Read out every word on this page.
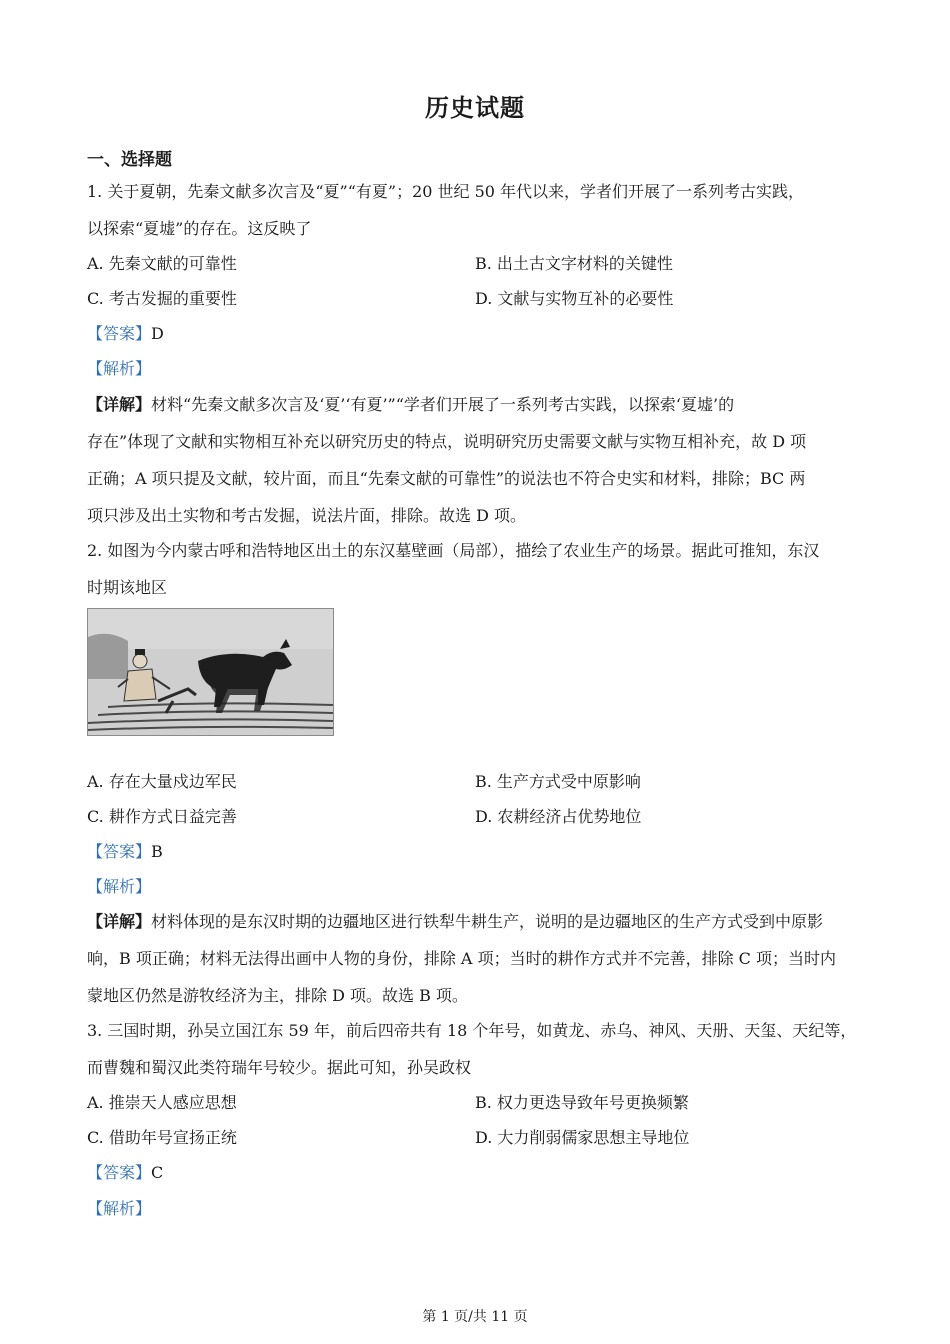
历史试题
一、选择题
1. 关于夏朝，先秦文献多次言及“夏”“有夏”；20 世纪 50 年代以来，学者们开展了一系列考古实践，
以探索“夏墟”的存在。这反映了
A. 先秦文献的可靠性	B. 出土古文字材料的关键性
C. 考古发掘的重要性	D. 文献与实物互补的必要性
【答案】D
【解析】
【详解】材料“先秦文献多次言及‘夏’‘有夏’”“学者们开展了一系列考古实践，以探索‘夏墟’的
存在”体现了文献和实物相互补充以研究历史的特点，说明研究历史需要文献与实物互相补充，故 D 项
正确；A 项只提及文献，较片面，而且“先秦文献的可靠性”的说法也不符合史实和材料，排除；BC 两
项只涉及出土实物和考古发掘，说法片面，排除。故选 D 项。
2. 如图为今内蒙古呼和浩特地区出土的东汉墓壁画（局部），描绘了农业生产的场景。据此可推知，东汉
时期该地区
A. 存在大量戍边军民	B. 生产方式受中原影响
C. 耕作方式日益完善	D. 农耕经济占优势地位
【答案】B
【解析】
【详解】材料体现的是东汉时期的边疆地区进行铁犁牛耕生产，说明的是边疆地区的生产方式受到中原影
响，B 项正确；材料无法得出画中人物的身份，排除 A 项；当时的耕作方式并不完善，排除 C 项；当时内
蒙地区仍然是游牧经济为主，排除 D 项。故选 B 项。
3. 三国时期，孙吴立国江东 59 年，前后四帝共有 18 个年号，如黄龙、赤乌、神风、天册、天玺、天纪等，
而曹魏和蜀汉此类符瑞年号较少。据此可知，孙吴政权
A. 推崇天人感应思想	B. 权力更迭导致年号更换频繁
C. 借助年号宣扬正统	D. 大力削弱儒家思想主导地位
【答案】C
【解析】
第 1 页/共 11 页
